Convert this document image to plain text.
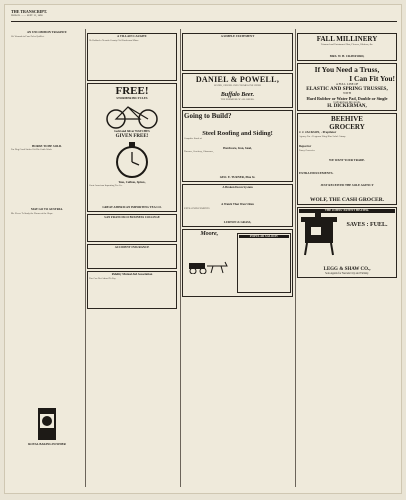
THE TRANSCRIPT.
FRIDAY ......... SEPT. 23, 1898
AN UNCOMMON TRAGEDY.
We Wounds in Four Poles Quilliet.
HORSE TO BE SOLD.
For Dog Good Stolen Off His Cattle Work.
MAY GO TO AUSTRIA.
Mr. Pierce Tr Study the Dream of the Slope.
ROYAL BAKING POWDER
A VILLAIN CAUGHT.
He Robbed a Nevada County Girl Ponderosa Miner.
FREE!
STORMER BICYCLES
Gold and Silver WATCHES
GIVEN FREE!
Teas, Coffees, Spices,
Great American Importing Tea Co.
GREAT AMERICAN IMPORTING TEA CO.
SAN FRANCISCO BUSINESS COLLEGE
ACCIDENT INSURANCE
Fidelity Mutual Aid Association
You Can Not Afford To Pay
A SIMPLE STATEMENT
DANIEL & POWELL,
WATER, GINGER AND CHAMPAGNE CIDER
Buffalo Beer.
THE PREMIUM OF ALL BEERS.
Going to Build?
Steel Roofing and Siding!
Complete Stock of
Hardware, Iron, Steel,
Tinware, Crockery, Glassware,
GEO. E. TURNER, Pine St.
A Broken Down System
A Watch That Won't Run
EXTRA INDUCEMENTS
LURTON & GRASS,
Moore,	POPULAR SALOON
FALL MILLINERY
Trimmed and Untrimmed Hats, Flowers, Ribbons, &c.
MRS. W. H. CRAWFORD,
If You Need a Truss,
I Can Fit You!
A FULL LINE OF
ELASTIC AND SPRING TRUSSES,
WITH
Hard Rubber or Water Pad, Double or Single
Call and see my stock.
H. DICKERMAN,
BEEHIVE
GROCERY
J. J. JACKSON, - Proprietor
Agency For - Ferguson Wing Blue Label Catsup
Depot for
Fancy Groceries
WE WANT YOUR TRADE.
EXTRA INDUCEMENTS.
JUST RECEIVED THE SOLE AGENCY
WOLF, THE CASH GROCER.
THE JOHNS' PATENT HEATER.
SAVES : FUEL.
LEGG & SHAW CO.,
Sole Agents for Nevada City and Vicinity.
